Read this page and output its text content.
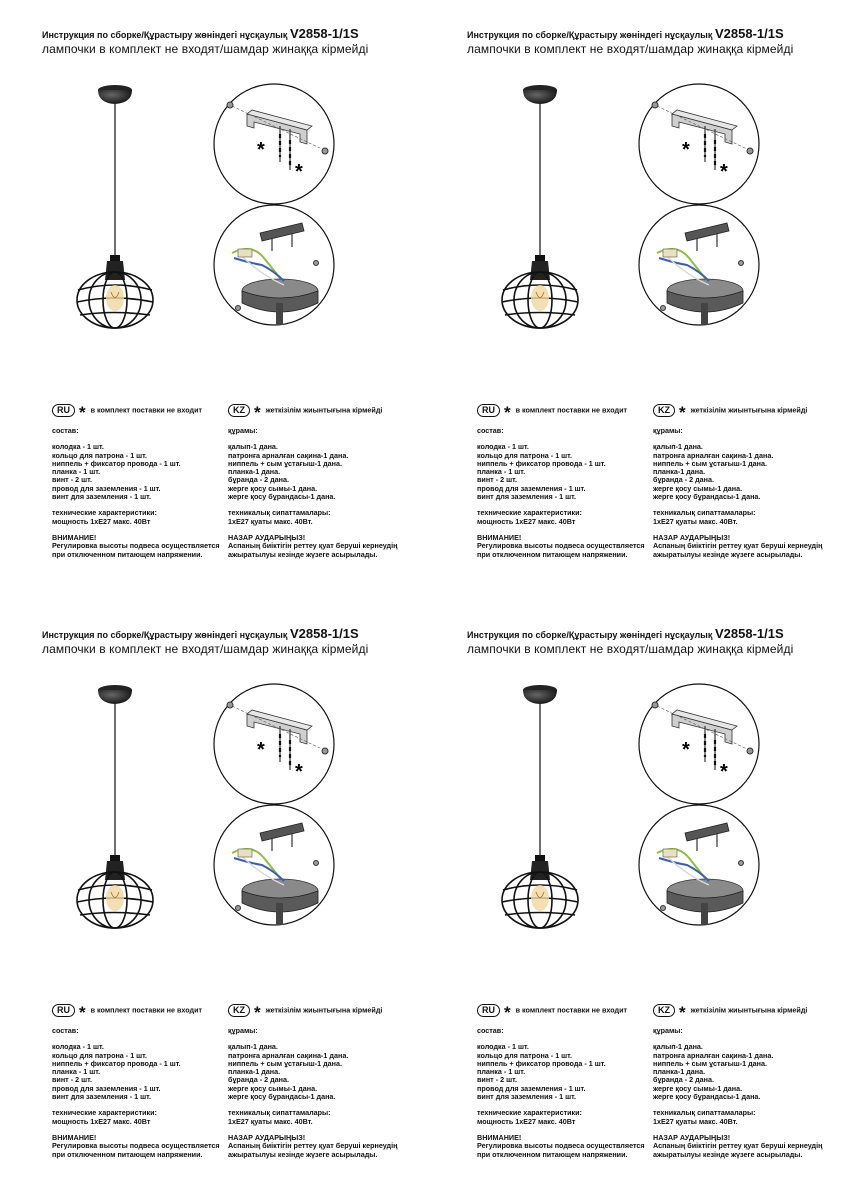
Инструкция по сборке/Құрастыру жөніндегі нұсқаулық V2858-1/1S
лампочки в комплект не входят/шамдар жинаққа кірмейді
*
*
RU * в комплект поставки не входит
состав:
колодка - 1 шт.
кольцо для патрона - 1 шт.
ниппель + фиксатор провода - 1 шт.
планка - 1 шт.
винт - 2 шт.
провод для заземления - 1 шт.
винт для заземления - 1 шт.
технические характеристики:
мощность 1xE27 макс. 40Вт
ВНИМАНИЕ!
Регулировка высоты подвеса осуществляется
при отключенном питающем напряжении.
KZ * жеткізілім жиынтығына кірмейді
құрамы:
қалып-1 дана.
патронға арналған сақина-1 дана.
ниппель + сым ұстағыш-1 дана.
планка-1 дана.
бұранда - 2 дана.
жерге қосу сымы-1 дана.
жерге қосу бұрандасы-1 дана.
техникалық сипаттамалары:
1xE27 қуаты макс. 40Вт.
НАЗАР АУДАРЫҢЫЗ!
Аспаның биіктігін реттеу қуат беруші кернеудің
ажыратылуы кезінде жүзеге асырылады.
Инструкция по сборке/Құрастыру жөніндегі нұсқаулық V2858-1/1S
лампочки в комплект не входят/шамдар жинаққа кірмейді
*
*
RU * в комплект поставки не входит
состав:
колодка - 1 шт.
кольцо для патрона - 1 шт.
ниппель + фиксатор провода - 1 шт.
планка - 1 шт.
винт - 2 шт.
провод для заземления - 1 шт.
винт для заземления - 1 шт.
технические характеристики:
мощность 1xE27 макс. 40Вт
ВНИМАНИЕ!
Регулировка высоты подвеса осуществляется
при отключенном питающем напряжении.
KZ * жеткізілім жиынтығына кірмейді
құрамы:
қалып-1 дана.
патронға арналған сақина-1 дана.
ниппель + сым ұстағыш-1 дана.
планка-1 дана.
бұранда - 2 дана.
жерге қосу сымы-1 дана.
жерге қосу бұрандасы-1 дана.
техникалық сипаттамалары:
1xE27 қуаты макс. 40Вт.
НАЗАР АУДАРЫҢЫЗ!
Аспаның биіктігін реттеу қуат беруші кернеудің
ажыратылуы кезінде жүзеге асырылады.
Инструкция по сборке/Құрастыру жөніндегі нұсқаулық V2858-1/1S
лампочки в комплект не входят/шамдар жинаққа кірмейді
*
*
RU * в комплект поставки не входит
состав:
колодка - 1 шт.
кольцо для патрона - 1 шт.
ниппель + фиксатор провода - 1 шт.
планка - 1 шт.
винт - 2 шт.
провод для заземления - 1 шт.
винт для заземления - 1 шт.
технические характеристики:
мощность 1xE27 макс. 40Вт
ВНИМАНИЕ!
Регулировка высоты подвеса осуществляется
при отключенном питающем напряжении.
KZ * жеткізілім жиынтығына кірмейді
құрамы:
қалып-1 дана.
патронға арналған сақина-1 дана.
ниппель + сым ұстағыш-1 дана.
планка-1 дана.
бұранда - 2 дана.
жерге қосу сымы-1 дана.
жерге қосу бұрандасы-1 дана.
техникалық сипаттамалары:
1xE27 қуаты макс. 40Вт.
НАЗАР АУДАРЫҢЫЗ!
Аспаның биіктігін реттеу қуат беруші кернеудің
ажыратылуы кезінде жүзеге асырылады.
Инструкция по сборке/Құрастыру жөніндегі нұсқаулық V2858-1/1S
лампочки в комплект не входят/шамдар жинаққа кірмейді
*
*
RU * в комплект поставки не входит
состав:
колодка - 1 шт.
кольцо для патрона - 1 шт.
ниппель + фиксатор провода - 1 шт.
планка - 1 шт.
винт - 2 шт.
провод для заземления - 1 шт.
винт для заземления - 1 шт.
технические характеристики:
мощность 1xE27 макс. 40Вт
ВНИМАНИЕ!
Регулировка высоты подвеса осуществляется
при отключенном питающем напряжении.
KZ * жеткізілім жиынтығына кірмейді
құрамы:
қалып-1 дана.
патронға арналған сақина-1 дана.
ниппель + сым ұстағыш-1 дана.
планка-1 дана.
бұранда - 2 дана.
жерге қосу сымы-1 дана.
жерге қосу бұрандасы-1 дана.
техникалық сипаттамалары:
1xE27 қуаты макс. 40Вт.
НАЗАР АУДАРЫҢЫЗ!
Аспаның биіктігін реттеу қуат беруші кернеудің
ажыратылуы кезінде жүзеге асырылады.
